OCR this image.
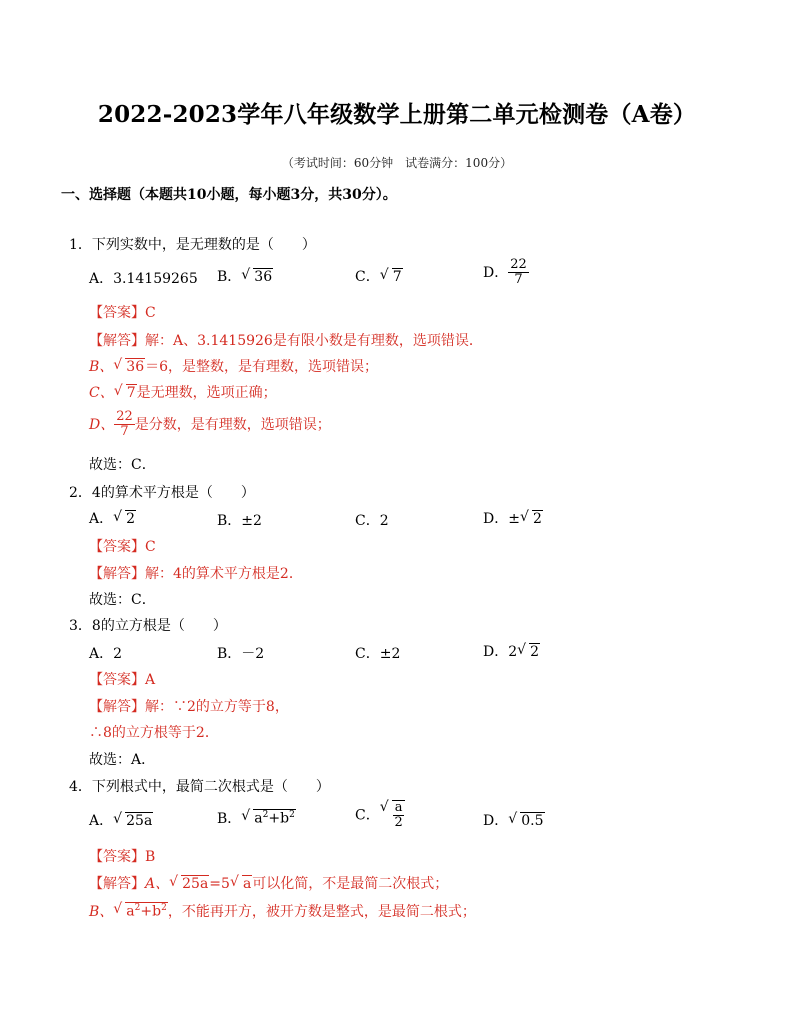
2022-2023学年八年级数学上册第二单元检测卷（A卷）
（考试时间：60分钟　试卷满分：100分）
一、选择题（本题共10小题，每小题3分，共30分）。
1．下列实数中，是无理数的是（　　）
A．3.14159265 B． √ 36	C． √ 7	D． $\frac{22}{7}$
【答案】C
【解答】解：A、3.1415926是有限小数是有理数，选项错误．
B、 √ 36＝6，是整数，是有理数，选项错误；
C、 √ 7是无理数，选项正确；
D、 $\frac{22}{7}$ 是分数，是有理数，选项错误；
故选：C．
2．4的算术平方根是（　　）
A． √ 2	B．±2	C．2	D．± √ 2
【答案】C
【解答】解：4的算术平方根是2．
故选：C．
3．8的立方根是（　　）
A．2	B．－2	C．±2	D．2 √ 2
【答案】A
【解答】解：∵2的立方等于8，
∴8的立方根等于2．
故选：A．
4．下列根式中，最简二次根式是（　　）
A． √ 25a	B． √ $a^2+b^2$	C． √ $\frac{a}{2}$	D． √ 0.5
【答案】B
【解答】A、 √ 25a=5 √ a可以化简，不是最简二次根式；
B、 √ $a^2+b^2$，不能再开方，被开方数是整式，是最简二根式；
